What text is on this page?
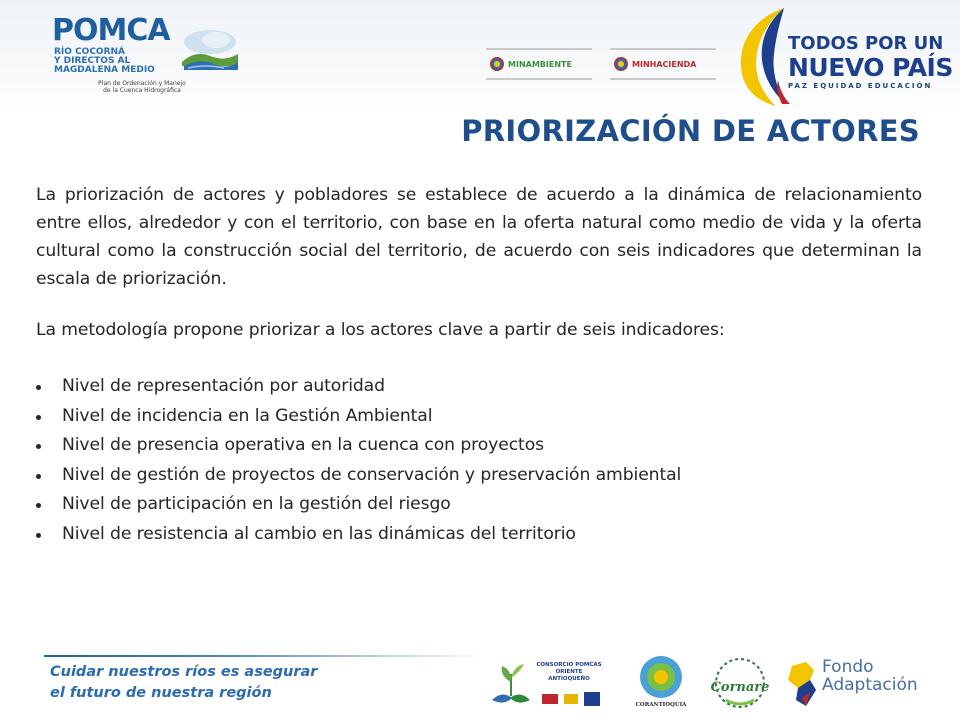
POMCA
RÍO COCORNÁ
Y DIRECTOS AL
MAGDALENA MEDIO
Plan de Ordenación y Manejo
de la Cuenca Hidrográfica
MINAMBIENTE	MINHACIENDA
TODOS POR UN
NUEVO PAÍS
PAZ EQUIDAD EDUCACIÓN
PRIORIZACIÓN DE ACTORES

La priorización de actores y pobladores se establece de acuerdo a la dinámica de relacionamiento entre ellos, alrededor y con el territorio, con base en la oferta natural como medio de vida y la oferta cultural como la construcción social del territorio, de acuerdo con seis indicadores que determinan la escala de priorización.

La metodología propone priorizar a los actores clave a partir de seis indicadores:

Nivel de representación por autoridad
Nivel de incidencia en la Gestión Ambiental
Nivel de presencia operativa en la cuenca con proyectos
Nivel de gestión de proyectos de conservación y preservación ambiental
Nivel de participación en la gestión del riesgo
Nivel de resistencia al cambio en las dinámicas del territorio

Cuidar nuestros ríos es asegurar
el futuro de nuestra región

CONSORCIO POMCAS ORIENTE ANTIOQUEÑO
CORANTIOQUIA
Cornare
Fondo
Adaptación
